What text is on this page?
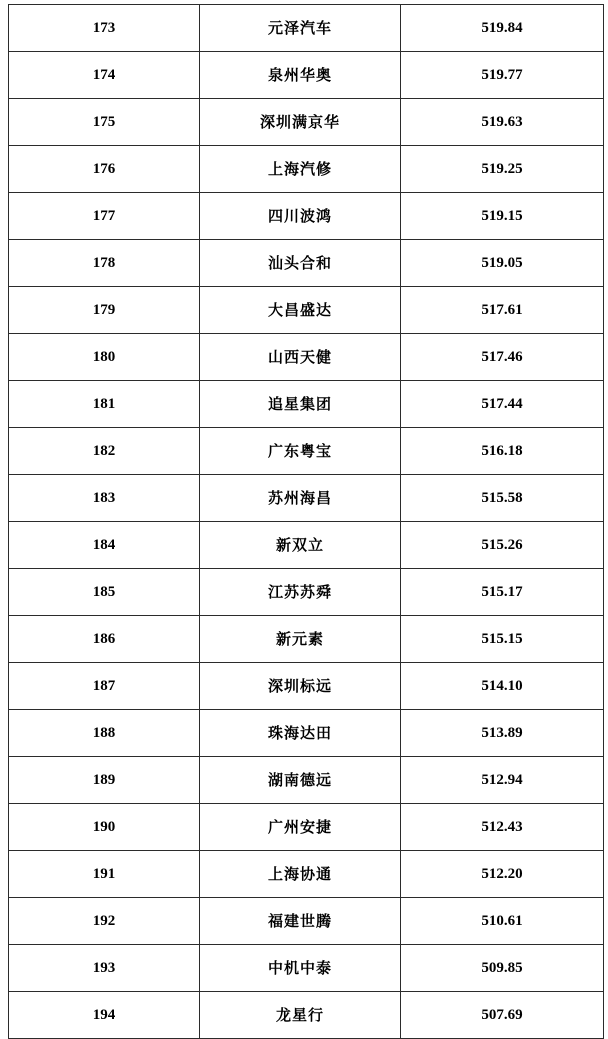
173	元泽汽车	519.84
174	泉州华奥	519.77
175	深圳满京华	519.63
176	上海汽修	519.25
177	四川波鸿	519.15
178	汕头合和	519.05
179	大昌盛达	517.61
180	山西天健	517.46
181	追星集团	517.44
182	广东粤宝	516.18
183	苏州海昌	515.58
184	新双立	515.26
185	江苏苏舜	515.17
186	新元素	515.15
187	深圳标远	514.10
188	珠海达田	513.89
189	湖南德远	512.94
190	广州安捷	512.43
191	上海协通	512.20
192	福建世腾	510.61
193	中机中泰	509.85
194	龙星行	507.69
